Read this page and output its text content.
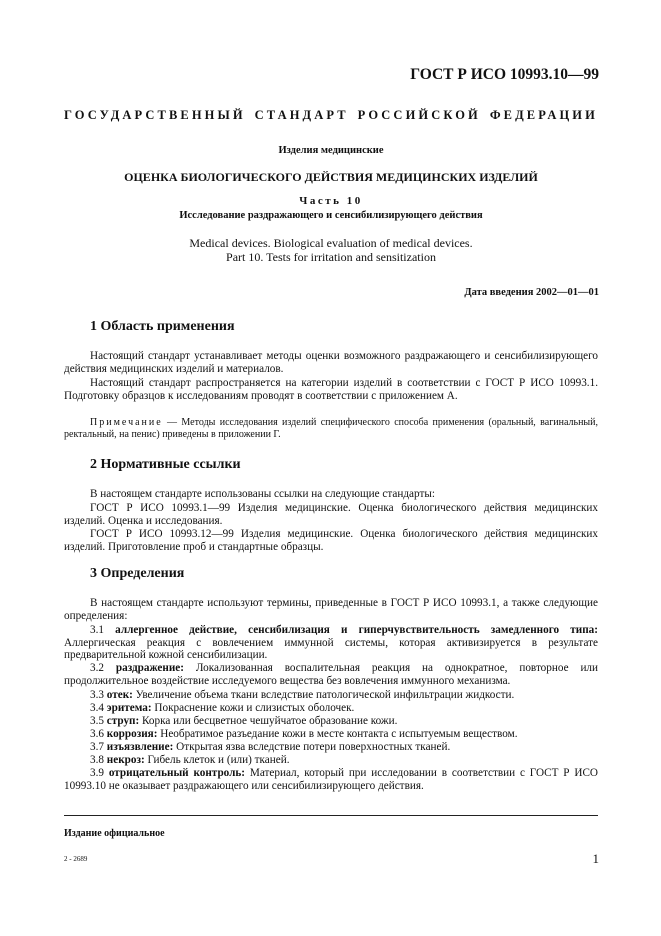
ГОСТ Р ИСО 10993.10—99
ГОСУДАРСТВЕННЫЙ СТАНДАРТ РОССИЙСКОЙ ФЕДЕРАЦИИ
Изделия медицинские
ОЦЕНКА БИОЛОГИЧЕСКОГО ДЕЙСТВИЯ МЕДИЦИНСКИХ ИЗДЕЛИЙ
Часть 10
Исследование раздражающего и сенсибилизирующего действия
Medical devices. Biological evaluation of medical devices.
Part 10. Tests for irritation and sensitization
Дата введения 2002—01—01
1 Область применения

Настоящий стандарт устанавливает методы оценки возможного раздражающего и сенсибилизирующего действия медицинских изделий и материалов.

Настоящий стандарт распространяется на категории изделий в соответствии с ГОСТ Р ИСО 10993.1. Подготовку образцов к исследованиям проводят в соответствии с приложением А.

Примечание — Методы исследования изделий специфического способа применения (оральный, вагинальный, ректальный, на пенис) приведены в приложении Г.

2 Нормативные ссылки

В настоящем стандарте использованы ссылки на следующие стандарты:

ГОСТ Р ИСО 10993.1—99 Изделия медицинские. Оценка биологического действия медицинских изделий. Оценка и исследования.

ГОСТ Р ИСО 10993.12—99 Изделия медицинские. Оценка биологического действия медицинских изделий. Приготовление проб и стандартные образцы.

3 Определения

В настоящем стандарте используют термины, приведенные в ГОСТ Р ИСО 10993.1, а также следующие определения:

3.1 аллергенное действие, сенсибилизация и гиперчувствительность замедленного типа: Аллергическая реакция с вовлечением иммунной системы, которая активизируется в результате предварительной кожной сенсибилизации.

3.2 раздражение: Локализованная воспалительная реакция на однократное, повторное или продолжительное воздействие исследуемого вещества без вовлечения иммунного механизма.

3.3 отек: Увеличение объема ткани вследствие патологической инфильтрации жидкости.

3.4 эритема: Покраснение кожи и слизистых оболочек.

3.5 струп: Корка или бесцветное чешуйчатое образование кожи.

3.6 коррозия: Необратимое разъедание кожи в месте контакта с испытуемым веществом.

3.7 изъязвление: Открытая язва вследствие потери поверхностных тканей.

3.8 некроз: Гибель клеток и (или) тканей.

3.9 отрицательный контроль: Материал, который при исследовании в соответствии с ГОСТ Р ИСО 10993.10 не оказывает раздражающего или сенсибилизирующего действия.

Издание официальное
2 - 2689	1
